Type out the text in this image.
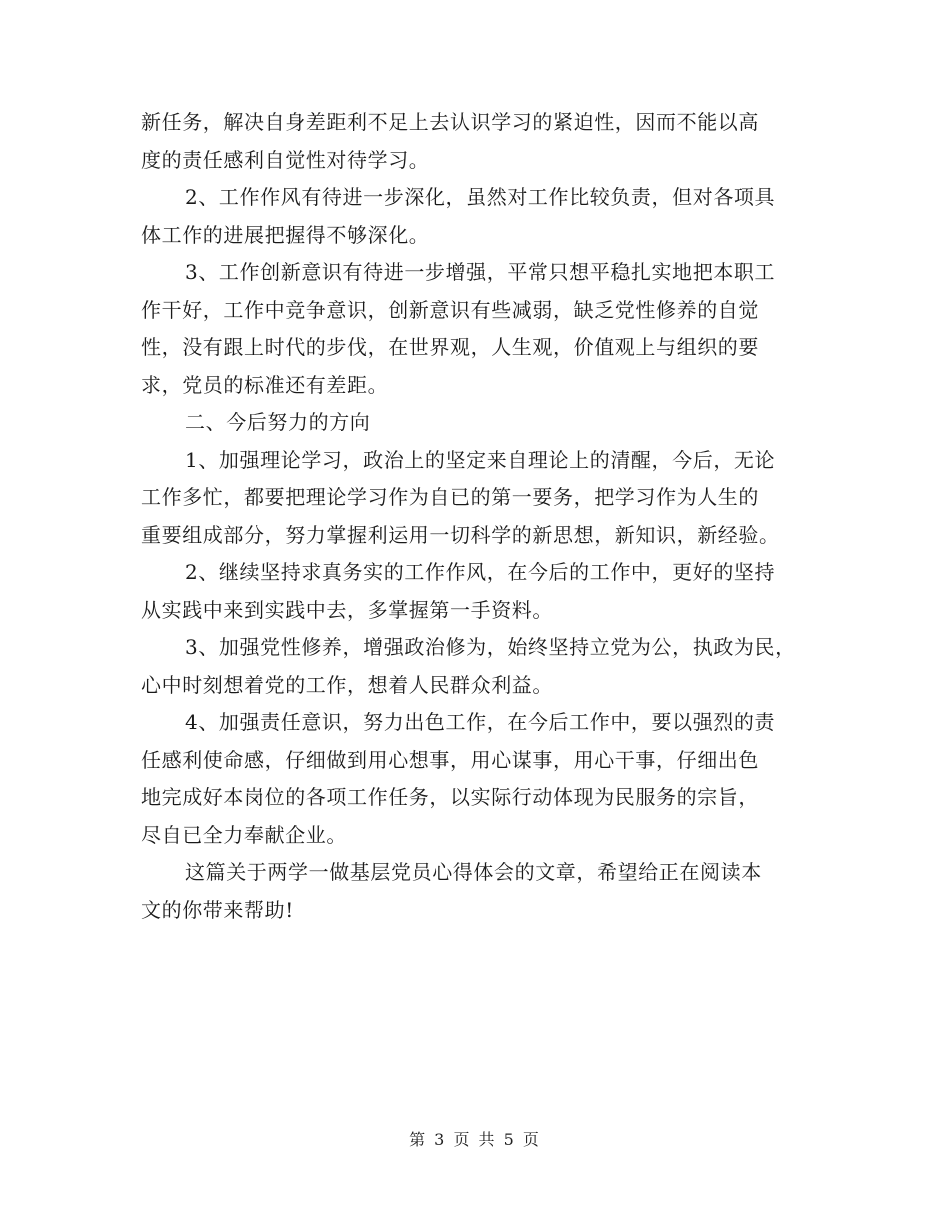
新任务，解决自身差距利不足上去认识学习的紧迫性，因而不能以高
度的责任感利自觉性对待学习。
2、工作作风有待进一步深化，虽然对工作比较负责，但对各项具
体工作的进展把握得不够深化。
3、工作创新意识有待进一步增强，平常只想平稳扎实地把本职工
作干好，工作中竞争意识，创新意识有些减弱，缺乏党性修养的自觉
性，没有跟上时代的步伐，在世界观，人生观，价值观上与组织的要
求，党员的标准还有差距。
二、今后努力的方向
1、加强理论学习，政治上的坚定来自理论上的清醒，今后，无论
工作多忙，都要把理论学习作为自已的第一要务，把学习作为人生的
重要组成部分，努力掌握利运用一切科学的新思想，新知识，新经验。
2、继续坚持求真务实的工作作风，在今后的工作中，更好的坚持
从实践中来到实践中去，多掌握第一手资料。
3、加强党性修养，增强政治修为，始终坚持立党为公，执政为民，
心中时刻想着党的工作，想着人民群众利益。
4、加强责任意识，努力出色工作，在今后工作中，要以强烈的责
任感利使命感，仔细做到用心想事，用心谋事，用心干事，仔细出色
地完成好本岗位的各项工作任务，以实际行动体现为民服务的宗旨，
尽自已全力奉献企业。
这篇关于两学一做基层党员心得体会的文章，希望给正在阅读本
文的你带来帮助!
第 3 页 共 5 页
